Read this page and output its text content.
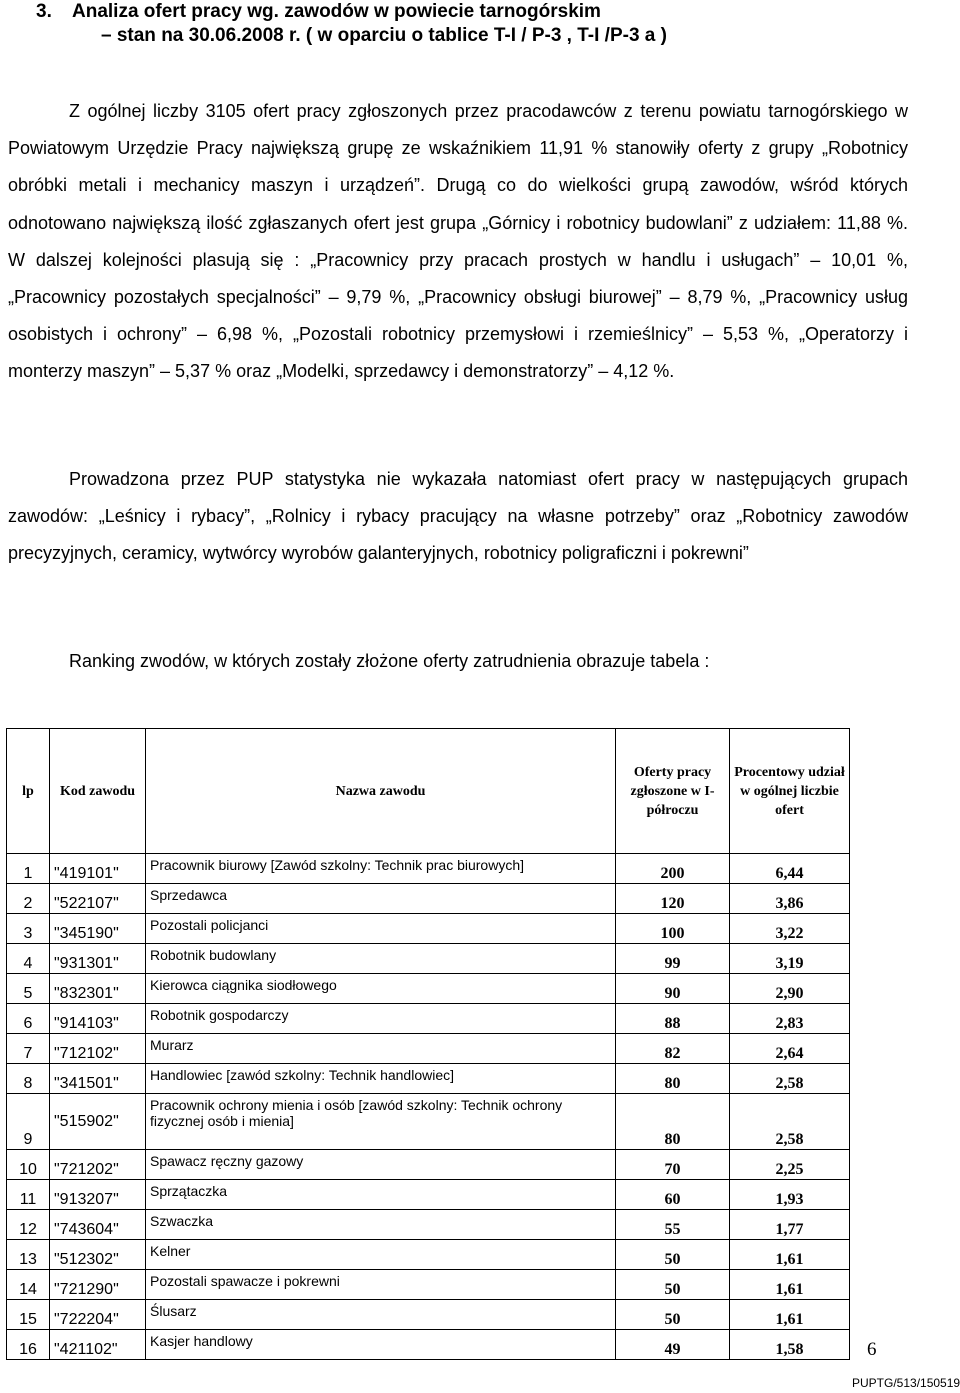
3. Analiza ofert pracy wg. zawodów w powiecie tarnogórskim
– stan na 30.06.2008 r. ( w oparciu o tablice T-I / P-3 , T-I /P-3 a )

Z ogólnej liczby 3105 ofert pracy zgłoszonych przez pracodawców z terenu powiatu tarnogórskiego w Powiatowym Urzędzie Pracy największą grupę ze wskaźnikiem 11,91 % stanowiły oferty z grupy „Robotnicy obróbki metali i mechanicy maszyn i urządzeń”. Drugą co do wielkości grupą zawodów, wśród których odnotowano największą ilość zgłaszanych ofert jest grupa „Górnicy i robotnicy budowlani” z udziałem: 11,88 %. W dalszej kolejności plasują się : „Pracownicy przy pracach prostych w handlu i usługach” – 10,01 %, „Pracownicy pozostałych specjalności” – 9,79 %, „Pracownicy obsługi biurowej” – 8,79 %, „Pracownicy usług osobistych i ochrony” – 6,98 %, „Pozostali robotnicy przemysłowi i rzemieślnicy” – 5,53 %, „Operatorzy i monterzy maszyn” – 5,37 % oraz „Modelki, sprzedawcy i demonstratorzy” – 4,12 %.

Prowadzona przez PUP statystyka nie wykazała natomiast ofert pracy w następujących grupach zawodów: „Leśnicy i rybacy”, „Rolnicy i rybacy pracujący na własne potrzeby” oraz „Robotnicy zawodów precyzyjnych, ceramicy, wytwórcy wyrobów galanteryjnych, robotnicy poligraficzni i pokrewni”

Ranking zwodów, w których zostały złożone oferty zatrudnienia obrazuje tabela :

lp	Kod zawodu	Nazwa zawodu	Oferty pracy zgłoszone w I-półroczu	Procentowy udział w ogólnej liczbie ofert
1	"419101"	Pracownik biurowy [Zawód szkolny: Technik prac biurowych]	200	6,44
2	"522107"	Sprzedawca	120	3,86
3	"345190"	Pozostali policjanci	100	3,22
4	"931301"	Robotnik budowlany	99	3,19
5	"832301"	Kierowca ciągnika siodłowego	90	2,90
6	"914103"	Robotnik gospodarczy	88	2,83
7	"712102"	Murarz	82	2,64
8	"341501"	Handlowiec [zawód szkolny: Technik handlowiec]	80	2,58
9	"515902"	Pracownik ochrony mienia i osób [zawód szkolny: Technik ochrony fizycznej osób i mienia]	80	2,58
10	"721202"	Spawacz ręczny gazowy	70	2,25
11	"913207"	Sprzątaczka	60	1,93
12	"743604"	Szwaczka	55	1,77
13	"512302"	Kelner	50	1,61
14	"721290"	Pozostali spawacze i pokrewni	50	1,61
15	"722204"	Ślusarz	50	1,61
16	"421102"	Kasjer handlowy	49	1,58	6
PUPTG/513/150519
